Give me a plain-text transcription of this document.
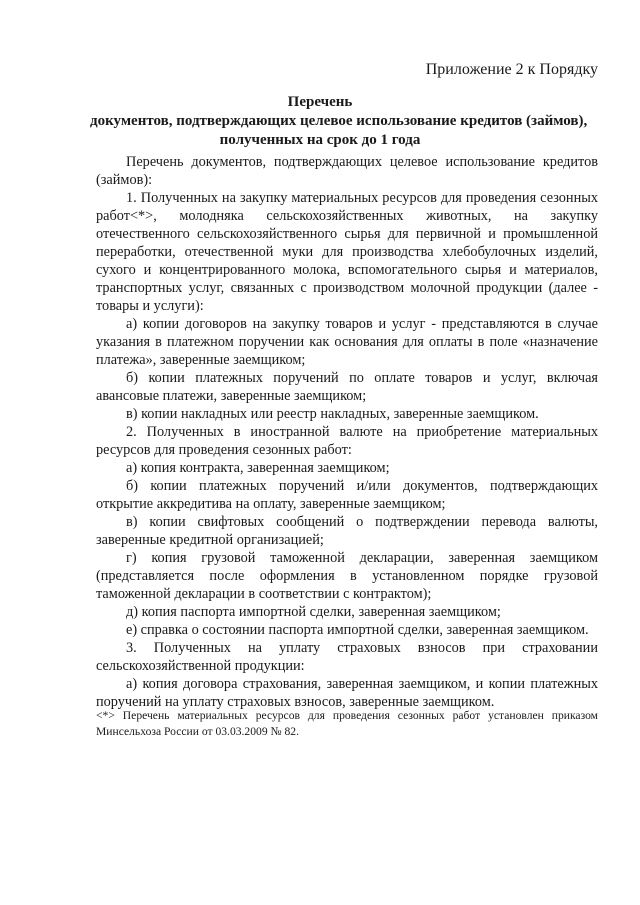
Приложение 2 к Порядку
Перечень
документов, подтверждающих целевое использование кредитов (займов),
полученных на срок до 1 года

Перечень документов, подтверждающих целевое использование кредитов (займов):

1. Полученных на закупку материальных ресурсов для проведения сезонных работ<*>, молодняка сельскохозяйственных животных, на закупку отечественного сельскохозяйственного сырья для первичной и промышленной переработки, отечественной муки для производства хлебобулочных изделий, сухого и концентрированного молока, вспомогательного сырья и материалов, транспортных услуг, связанных с производством молочной продукции (далее - товары и услуги):

а) копии договоров на закупку товаров и услуг - представляются в случае указания в платежном поручении как основания для оплаты в поле «назначение платежа», заверенные заемщиком;

б) копии платежных поручений по оплате товаров и услуг, включая авансовые платежи, заверенные заемщиком;

в) копии накладных или реестр накладных, заверенные заемщиком.

2. Полученных в иностранной валюте на приобретение материальных ресурсов для проведения сезонных работ:

а) копия контракта, заверенная заемщиком;

б) копии платежных поручений и/или документов, подтверждающих открытие аккредитива на оплату, заверенные заемщиком;

в) копии свифтовых сообщений о подтверждении перевода валюты, заверенные кредитной организацией;

г) копия грузовой таможенной декларации, заверенная заемщиком (представляется после оформления в установленном порядке грузовой таможенной декларации в соответствии с контрактом);

д) копия паспорта импортной сделки, заверенная заемщиком;

е) справка о состоянии паспорта импортной сделки, заверенная заемщиком.

3. Полученных на уплату страховых взносов при страховании сельскохозяйственной продукции:

а) копия договора страхования, заверенная заемщиком, и копии платежных поручений на уплату страховых взносов, заверенные заемщиком.

<*> Перечень материальных ресурсов для проведения сезонных работ установлен приказом Минсельхоза России от 03.03.2009 № 82.
